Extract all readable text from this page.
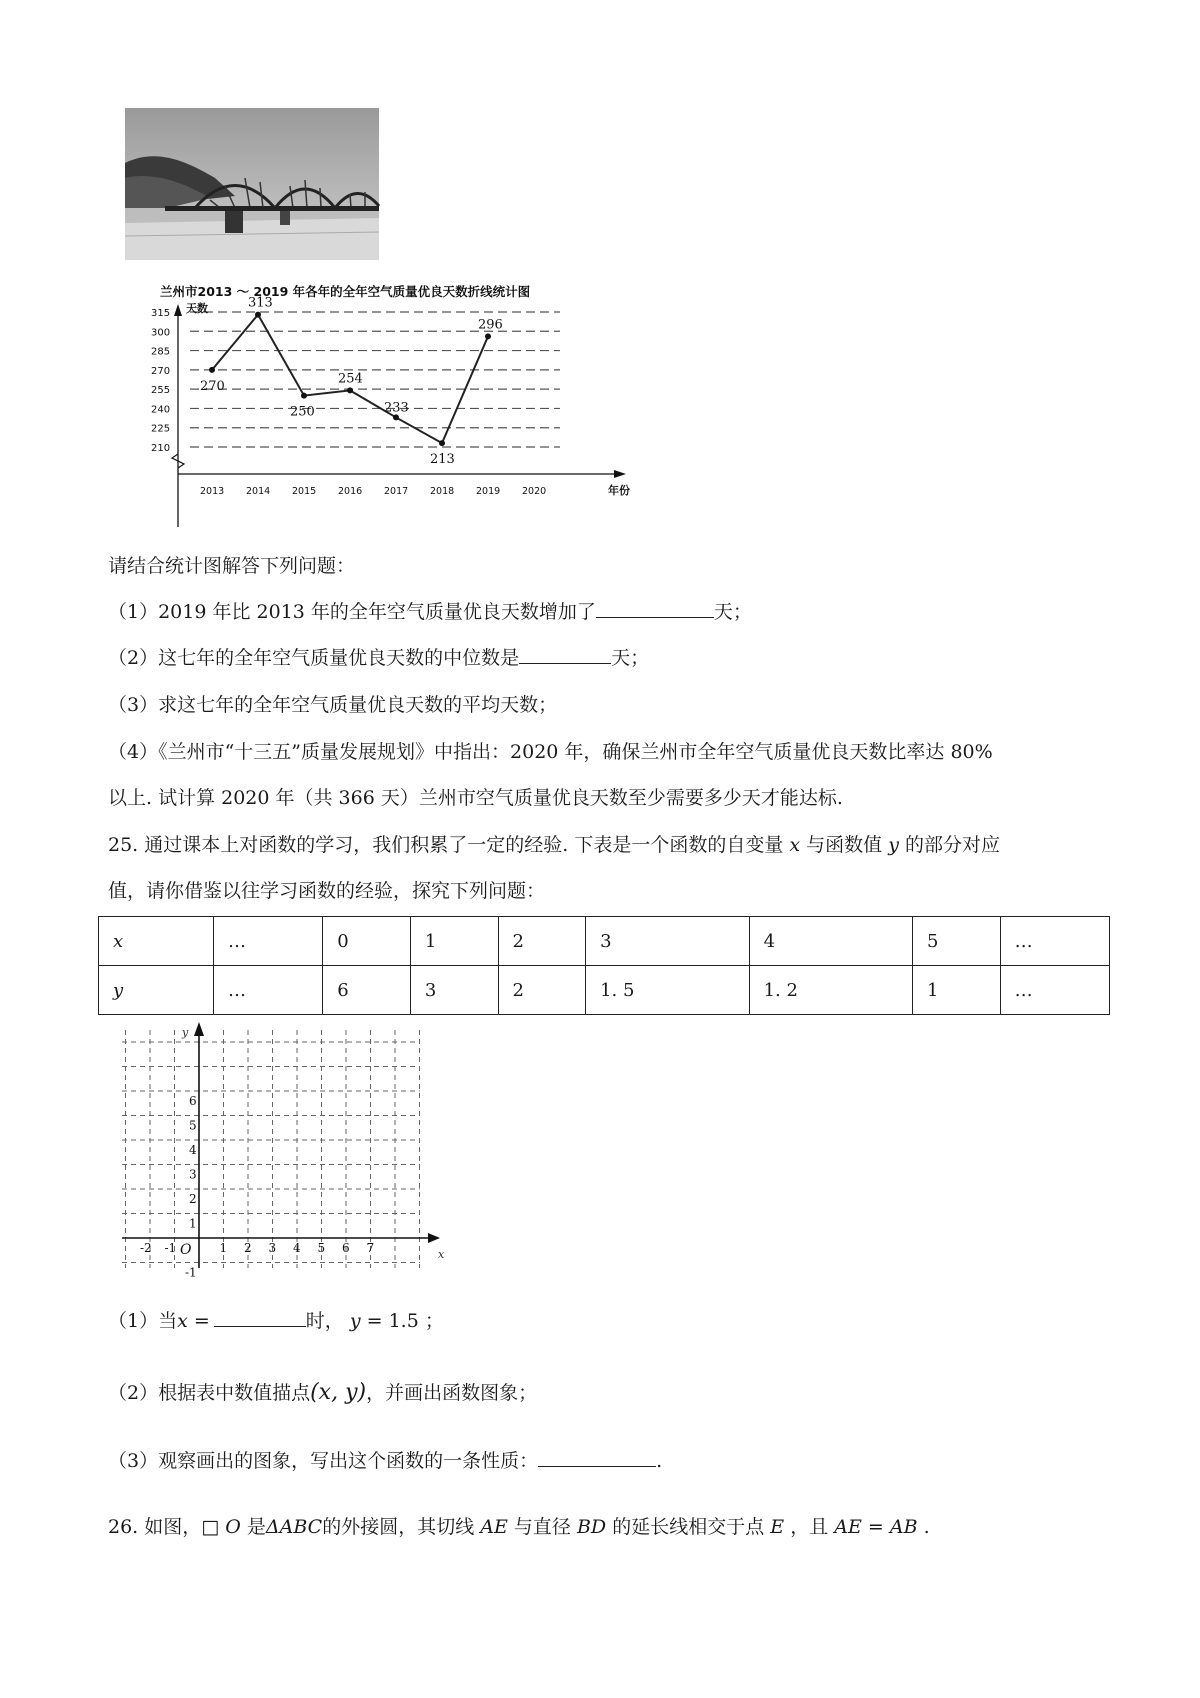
兰州市2013 ～ 2019 年各年的全年空气质量优良天数折线统计图
天数
年份
210
225
240
255
270
285
300
315
2013 2014 2015 2016 2017 2018 2019 2020
270
313
250
254
233
213
296
请结合统计图解答下列问题：
（1）2019 年比 2013 年的全年空气质量优良天数增加了	天；
（2）这七年的全年空气质量优良天数的中位数是	天；
（3）求这七年的全年空气质量优良天数的平均天数；
（4）《兰州市“十三五”质量发展规划》中指出：2020 年，确保兰州市全年空气质量优良天数比率达 80%
以上. 试计算 2020 年（共 366 天）兰州市空气质量优良天数至少需要多少天才能达标.
25. 通过课本上对函数的学习，我们积累了一定的经验. 下表是一个函数的自变量 x 与函数值 y 的部分对应
值，请你借鉴以往学习函数的经验，探究下列问题：
x	…	0	1	2	3	4	5	…
y	…	6	3	2	1. 5	1. 2	1	…
y
x
O
-2 -1	1 2 3 4 5 6 7
-1
1
2
3
4
5
6
（1）当x =	时， y = 1.5 ；
（2）根据表中数值描点(x, y)，并画出函数图象；
（3）观察画出的图象，写出这个函数的一条性质：	.
26. 如图，□ O 是ΔABC的外接圆，其切线 AE 与直径 BD 的延长线相交于点 E ，且 AE = AB .
